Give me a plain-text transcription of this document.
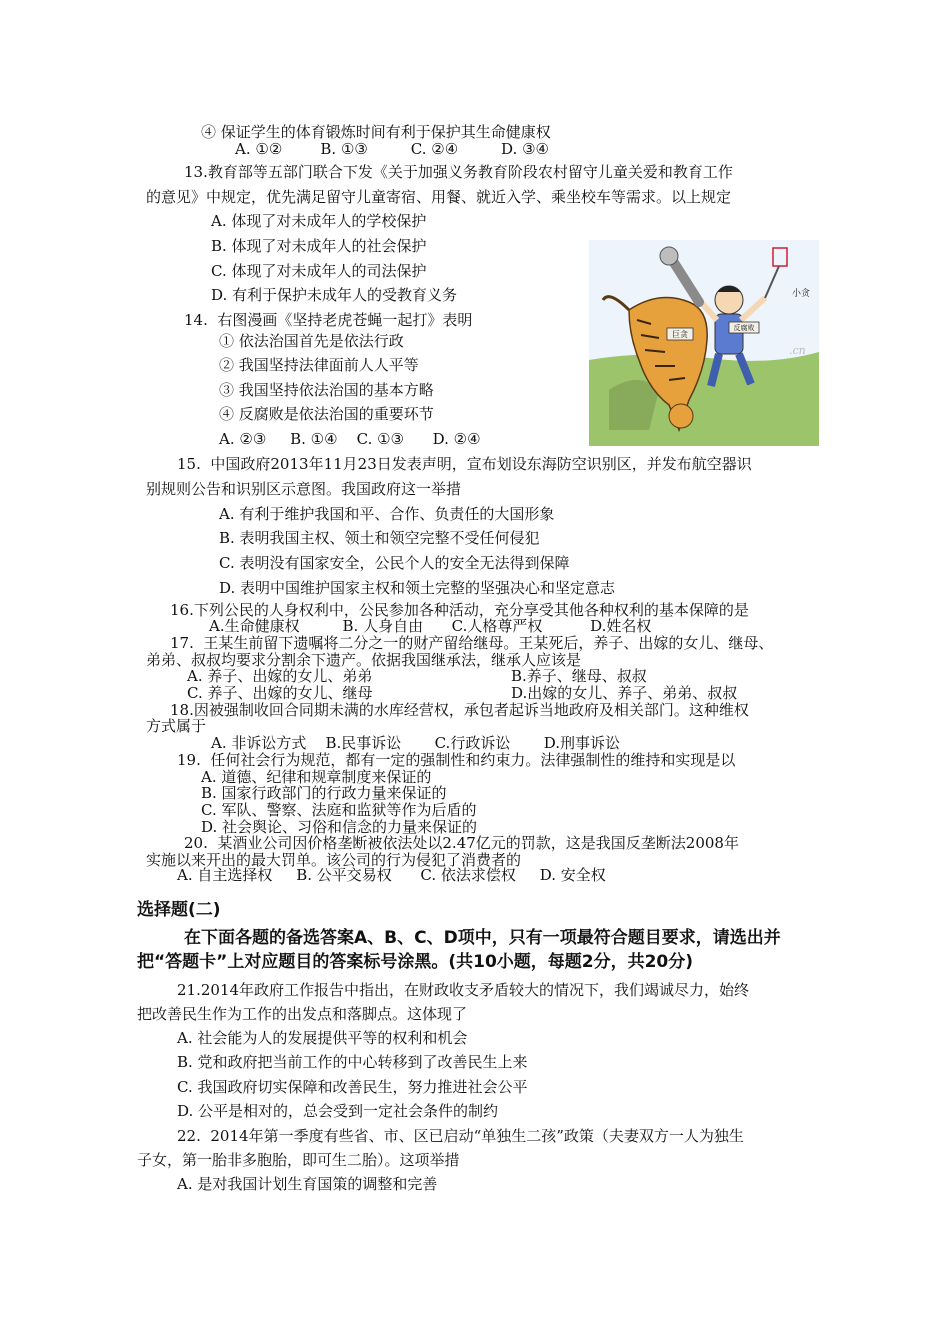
④ 保证学生的体育锻炼时间有利于保护其生命健康权
A. ①②        B. ①③         C. ②④         D. ③④
13.教育部等五部门联合下发《关于加强义务教育阶段农村留守儿童关爱和教育工作
的意见》中规定，优先满足留守儿童寄宿、用餐、就近入学、乘坐校车等需求。以上规定
A. 体现了对未成年人的学校保护
B. 体现了对未成年人的社会保护
C. 体现了对未成年人的司法保护
D. 有利于保护未成年人的受教育义务
14.  右图漫画《坚持老虎苍蝇一起打》表明
① 依法治国首先是依法行政
② 我国坚持法律面前人人平等
③ 我国坚持依法治国的基本方略
④ 反腐败是依法治国的重要环节
A. ②③     B. ①④    C. ①③      D. ②④
巨贪
反腐败
小贪
.cn
15.  中国政府2013年11月23日发表声明，宣布划设东海防空识别区，并发布航空器识
别规则公告和识别区示意图。我国政府这一举措
A. 有利于维护我国和平、合作、负责任的大国形象
B. 表明我国主权、领土和领空完整不受任何侵犯
C. 表明没有国家安全，公民个人的安全无法得到保障
D. 表明中国维护国家主权和领土完整的坚强决心和坚定意志
16.下列公民的人身权利中，公民参加各种活动，充分享受其他各种权利的基本保障的是
A.生命健康权         B. 人身自由      C.人格尊严权          D.姓名权
17.  王某生前留下遗嘱将二分之一的财产留给继母。王某死后，养子、出嫁的女儿、继母、
弟弟、叔叔均要求分割余下遗产。依据我国继承法，继承人应该是
A. 养子、出嫁的女儿、弟弟	B.养子、继母、叔叔
C. 养子、出嫁的女儿、继母	D.出嫁的女儿、养子、弟弟、叔叔
18.因被强制收回合同期未满的水库经营权，承包者起诉当地政府及相关部门。这种维权
方式属于
A. 非诉讼方式    B.民事诉讼       C.行政诉讼       D.刑事诉讼
19.  任何社会行为规范，都有一定的强制性和约束力。法律强制性的维持和实现是以
A. 道德、纪律和规章制度来保证的
B. 国家行政部门的行政力量来保证的
C. 军队、警察、法庭和监狱等作为后盾的
D. 社会舆论、习俗和信念的力量来保证的
20.  某酒业公司因价格垄断被依法处以2.47亿元的罚款，这是我国反垄断法2008年
实施以来开出的最大罚单。该公司的行为侵犯了消费者的
A. 自主选择权     B. 公平交易权      C. 依法求偿权     D. 安全权
选择题(二)
在下面各题的备选答案A、B、C、D项中，只有一项最符合题目要求，请选出并
把“答题卡”上对应题目的答案标号涂黑。(共10小题，每题2分，共20分)
21.2014年政府工作报告中指出，在财政收支矛盾较大的情况下，我们竭诚尽力，始终
把改善民生作为工作的出发点和落脚点。这体现了
A. 社会能为人的发展提供平等的权利和机会
B. 党和政府把当前工作的中心转移到了改善民生上来
C. 我国政府切实保障和改善民生，努力推进社会公平
D. 公平是相对的，总会受到一定社会条件的制约
22.  2014年第一季度有些省、市、区已启动“单独生二孩”政策（夫妻双方一人为独生
子女，第一胎非多胞胎，即可生二胎）。这项举措
A. 是对我国计划生育国策的调整和完善
